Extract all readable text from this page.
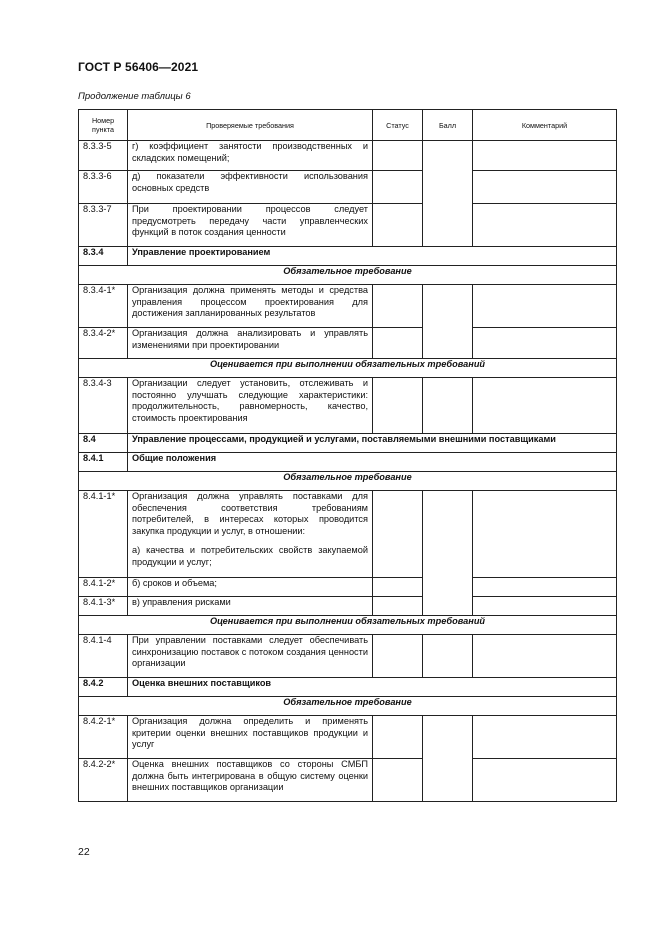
ГОСТ Р 56406—2021
Продолжение таблицы 6
Номер пункта	Проверяемые требования	Статус	Балл	Комментарий
8.3.3-5	г) коэффициент занятости производственных и складских помещений;			
8.3.3-6	д) показатели эффективности использования основных средств			
8.3.3-7	При проектировании процессов следует предусмотреть передачу части управленческих функций в поток создания ценности			
8.3.4	Управление проектированием			
Обязательное требование				
8.3.4-1*	Организация должна применять методы и средства управления процессом проектирования для достижения запланированных результатов			
8.3.4-2*	Организация должна анализировать и управлять изменениями при проектировании			
Оценивается при выполнении обязательных требований				
8.3.4-3	Организации следует установить, отслеживать и постоянно улучшать следующие характеристики: продолжительность, равномерность, качество, стоимость проектирования			
8.4	Управление процессами, продукцией и услугами, поставляемыми внешними поставщиками			
8.4.1	Общие положения			
Обязательное требование				
8.4.1-1*	Организация должна управлять поставками для обеспечения соответствия требованиям потребителей, в интересах которых проводится закупка продукции и услуг, в отношении:
а) качества и потребительских свойств закупаемой продукции и услуг;			

8.4.1-2*	б) сроков и объема;			
8.4.1-3*	в) управления рисками			
Оценивается при выполнении обязательных требований				
8.4.1-4	При управлении поставками следует обеспечивать синхронизацию поставок с потоком создания ценности организации			
8.4.2	Оценка внешних поставщиков			
Обязательное требование				
8.4.2-1*	Организация должна определить и применять критерии оценки внешних поставщиков продукции и услуг			
8.4.2-2*	Оценка внешних поставщиков со стороны СМБП должна быть интегрирована в общую систему оценки внешних поставщиков организации			
22
